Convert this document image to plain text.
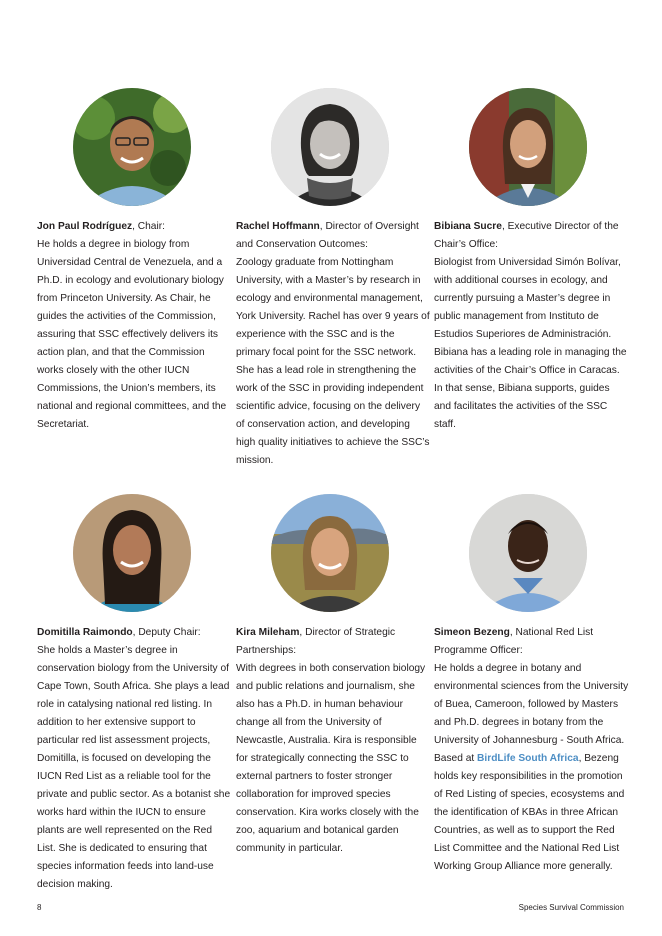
Jon Paul Rodríguez, Chair:
He holds a degree in biology from Universidad Central de Venezuela, and a Ph.D. in ecology and evolutionary biology from Princeton University. As Chair, he guides the activities of the Commission, assuring that SSC effectively delivers its action plan, and that the Commission works closely with the other IUCN Commissions, the Union’s members, its national and regional committees, and the Secretariat.
Rachel Hoffmann, Director of Oversight and Conservation Outcomes:
Zoology graduate from Nottingham University, with a Master’s by research in ecology and environmental management, York University. Rachel has over 9 years of experience with the SSC and is the primary focal point for the SSC network. She has a lead role in strengthening the work of the SSC in providing independent scientific advice, focusing on the delivery of conservation action, and developing high quality initiatives to achieve the SSC’s mission.
Bibiana Sucre, Executive Director of the Chair’s Office:
Biologist from Universidad Simón Bolívar, with additional courses in ecology, and currently pursuing a Master’s degree in public management from Instituto de Estudios Superiores de Administración. Bibiana has a leading role in managing the activities of the Chair’s Office in Caracas. In that sense, Bibiana supports, guides and facilitates the activities of the SSC staff.
Domitilla Raimondo, Deputy Chair:
She holds a Master’s degree in conservation biology from the University of Cape Town, South Africa. She plays a lead role in catalysing national red listing. In addition to her extensive support to particular red list assessment projects, Domitilla, is focused on developing the IUCN Red List as a reliable tool for the private and public sector. As a botanist she works hard within the IUCN to ensure plants are well represented on the Red List. She is dedicated to ensuring that species information feeds into land-use decision making.
Kira Mileham, Director of Strategic Partnerships:
With degrees in both conservation biology and public relations and journalism, she also has a Ph.D. in human behaviour change all from the University of Newcastle, Australia. Kira is responsible for strategically connecting the SSC to external partners to foster stronger collaboration for improved species conservation. Kira works closely with the zoo, aquarium and botanical garden community in particular.
Simeon Bezeng, National Red List Programme Officer:
He holds a degree in botany and environmental sciences from the University of Buea, Cameroon, followed by Masters and Ph.D. degrees in botany from the University of Johannesburg - South Africa. Based at BirdLife South Africa, Bezeng holds key responsibilities in the promotion of Red Listing of species, ecosystems and the identification of KBAs in three African Countries, as well as to support the Red List Committee and the National Red List Working Group Alliance more generally.
8	Species Survival Commission
